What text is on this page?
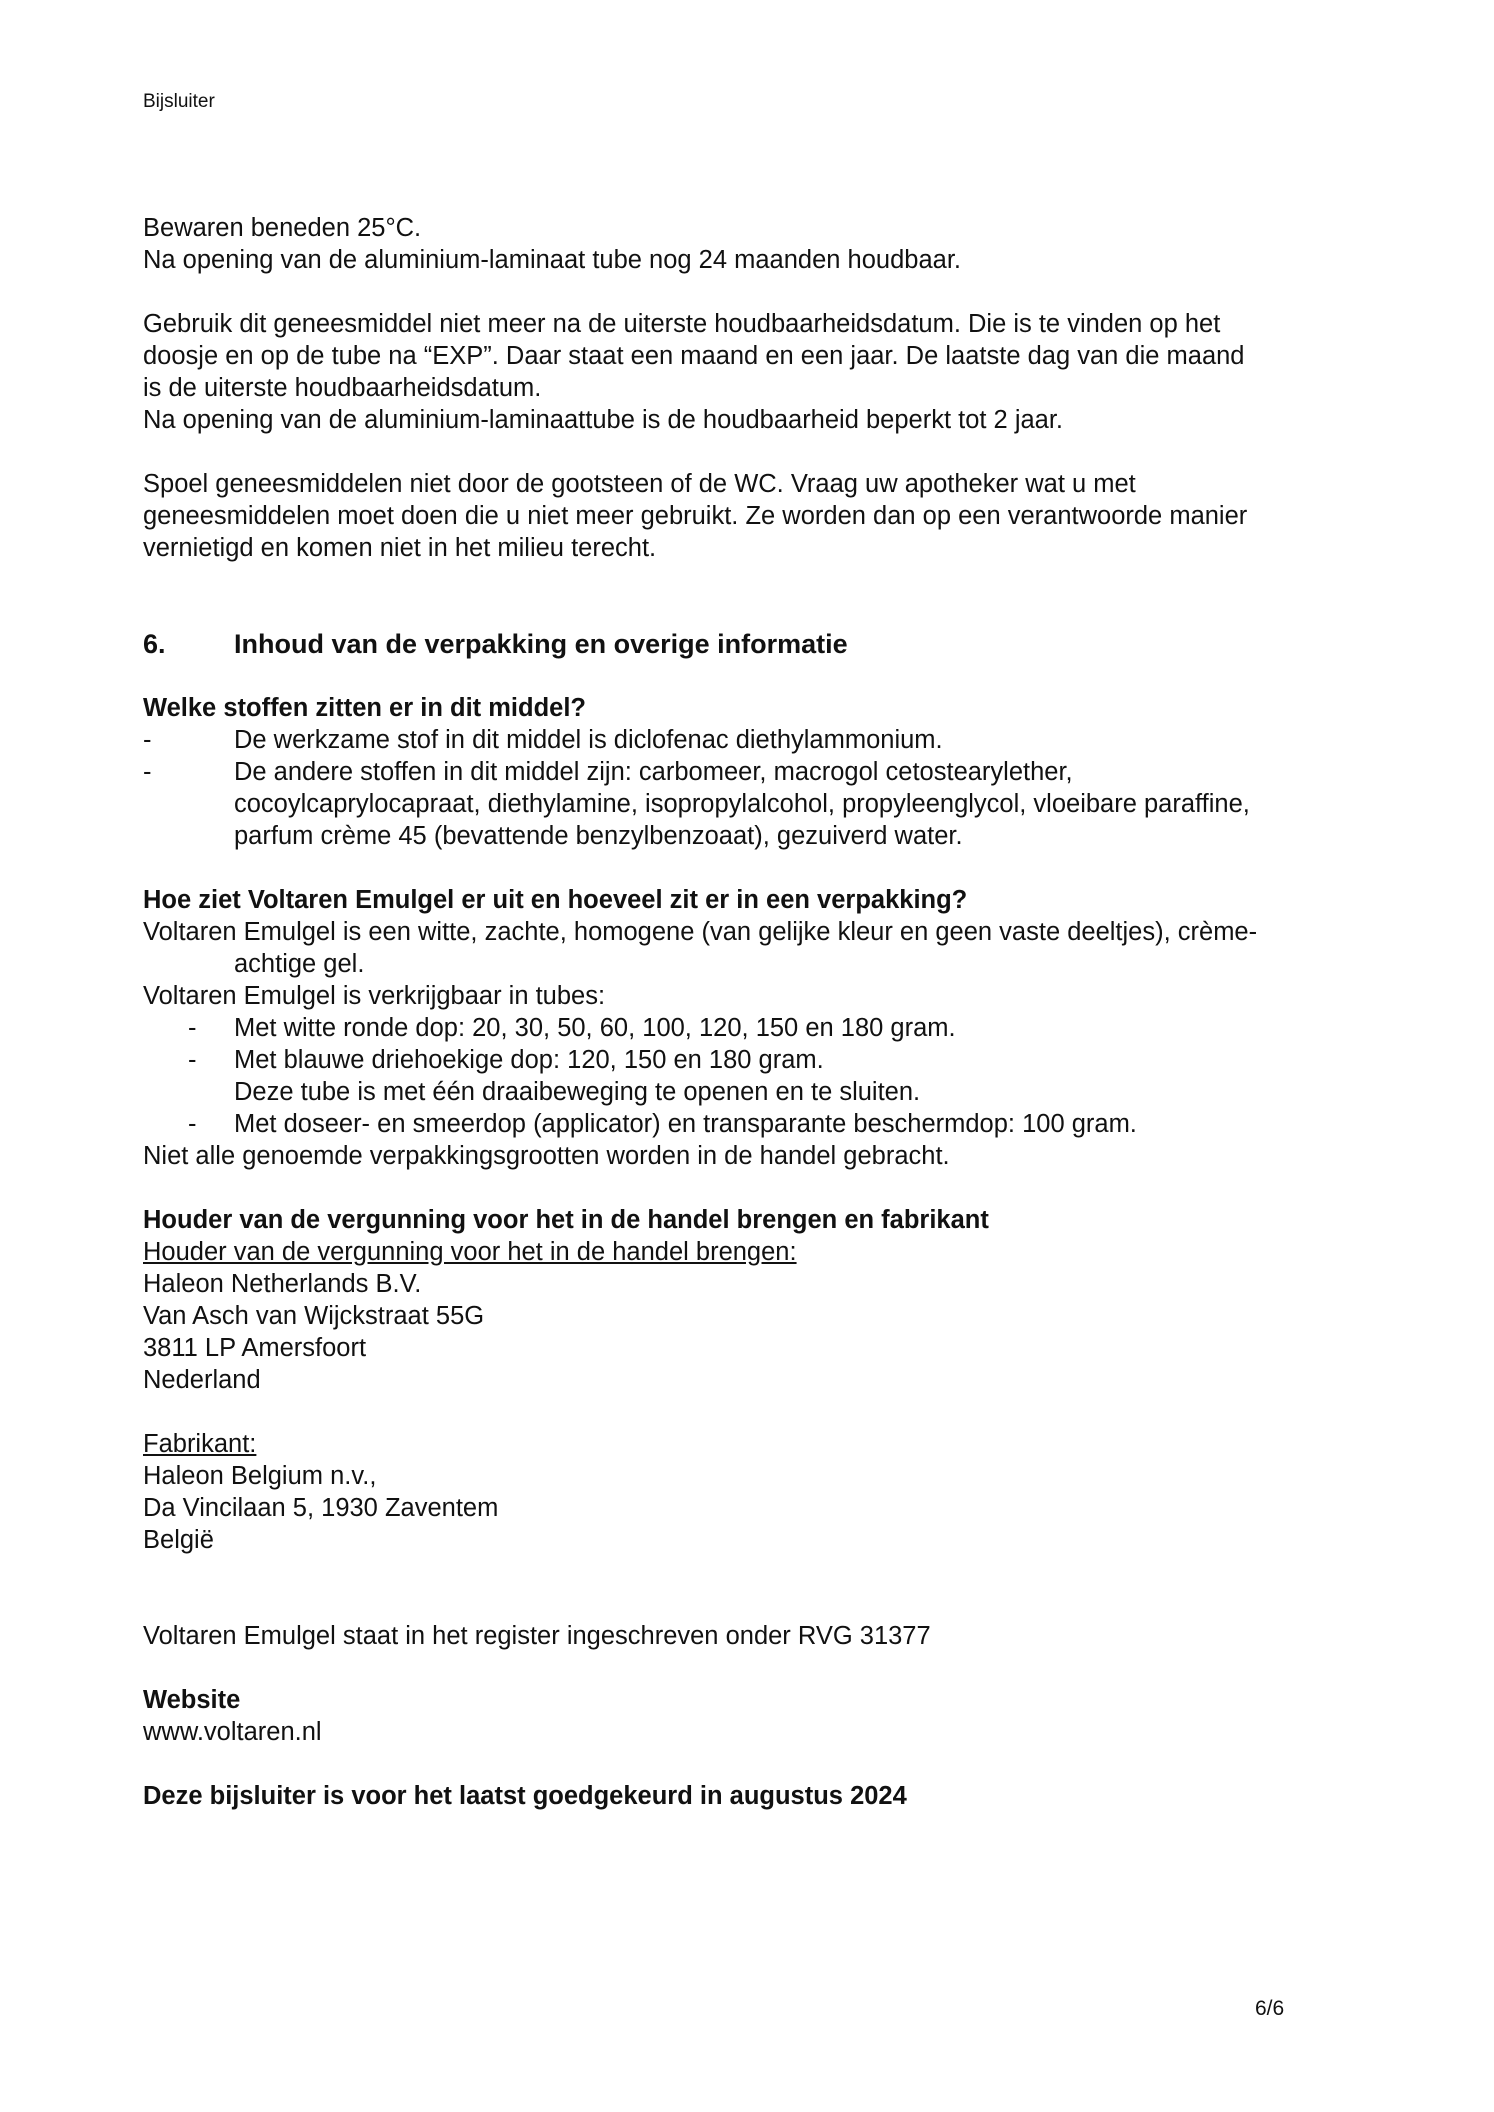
Bijsluiter

Bewaren beneden 25°C.

Na opening van de aluminium-laminaat tube nog 24 maanden houdbaar.

Gebruik dit geneesmiddel niet meer na de uiterste houdbaarheidsdatum. Die is te vinden op het

doosje en op de tube na “EXP”. Daar staat een maand en een jaar. De laatste dag van die maand

is de uiterste houdbaarheidsdatum.

Na opening van de aluminium-laminaattube is de houdbaarheid beperkt tot 2 jaar.

Spoel geneesmiddelen niet door de gootsteen of de WC. Vraag uw apotheker wat u met

geneesmiddelen moet doen die u niet meer gebruikt. Ze worden dan op een verantwoorde manier

vernietigd en komen niet in het milieu terecht.

6.	Inhoud van de verpakking en overige informatie

Welke stoffen zitten er in dit middel?

-	De werkzame stof in dit middel is diclofenac diethylammonium.
-	De andere stoffen in dit middel zijn: carbomeer, macrogol cetostearylether,

cocoylcaprylocapraat, diethylamine, isopropylalcohol, propyleenglycol, vloeibare paraffine,

parfum crème 45 (bevattende benzylbenzoaat), gezuiverd water.

Hoe ziet Voltaren Emulgel er uit en hoeveel zit er in een verpakking?

Voltaren Emulgel is een witte, zachte, homogene (van gelijke kleur en geen vaste deeltjes), crème-

achtige gel.

Voltaren Emulgel is verkrijgbaar in tubes:

-	Met witte ronde dop: 20, 30, 50, 60, 100, 120, 150 en 180 gram.
-	Met blauwe driehoekige dop: 120, 150 en 180 gram.

Deze tube is met één draaibeweging te openen en te sluiten.

-	Met doseer- en smeerdop (applicator) en transparante beschermdop: 100 gram.

Niet alle genoemde verpakkingsgrootten worden in de handel gebracht.

Houder van de vergunning voor het in de handel brengen en fabrikant

Houder van de vergunning voor het in de handel brengen:

Haleon Netherlands B.V.

Van Asch van Wijckstraat 55G

3811 LP Amersfoort

Nederland

Fabrikant:

Haleon Belgium n.v.,

Da Vincilaan 5, 1930 Zaventem

België

Voltaren Emulgel staat in het register ingeschreven onder RVG 31377

Website

www.voltaren.nl

Deze bijsluiter is voor het laatst goedgekeurd in augustus 2024

6/6
